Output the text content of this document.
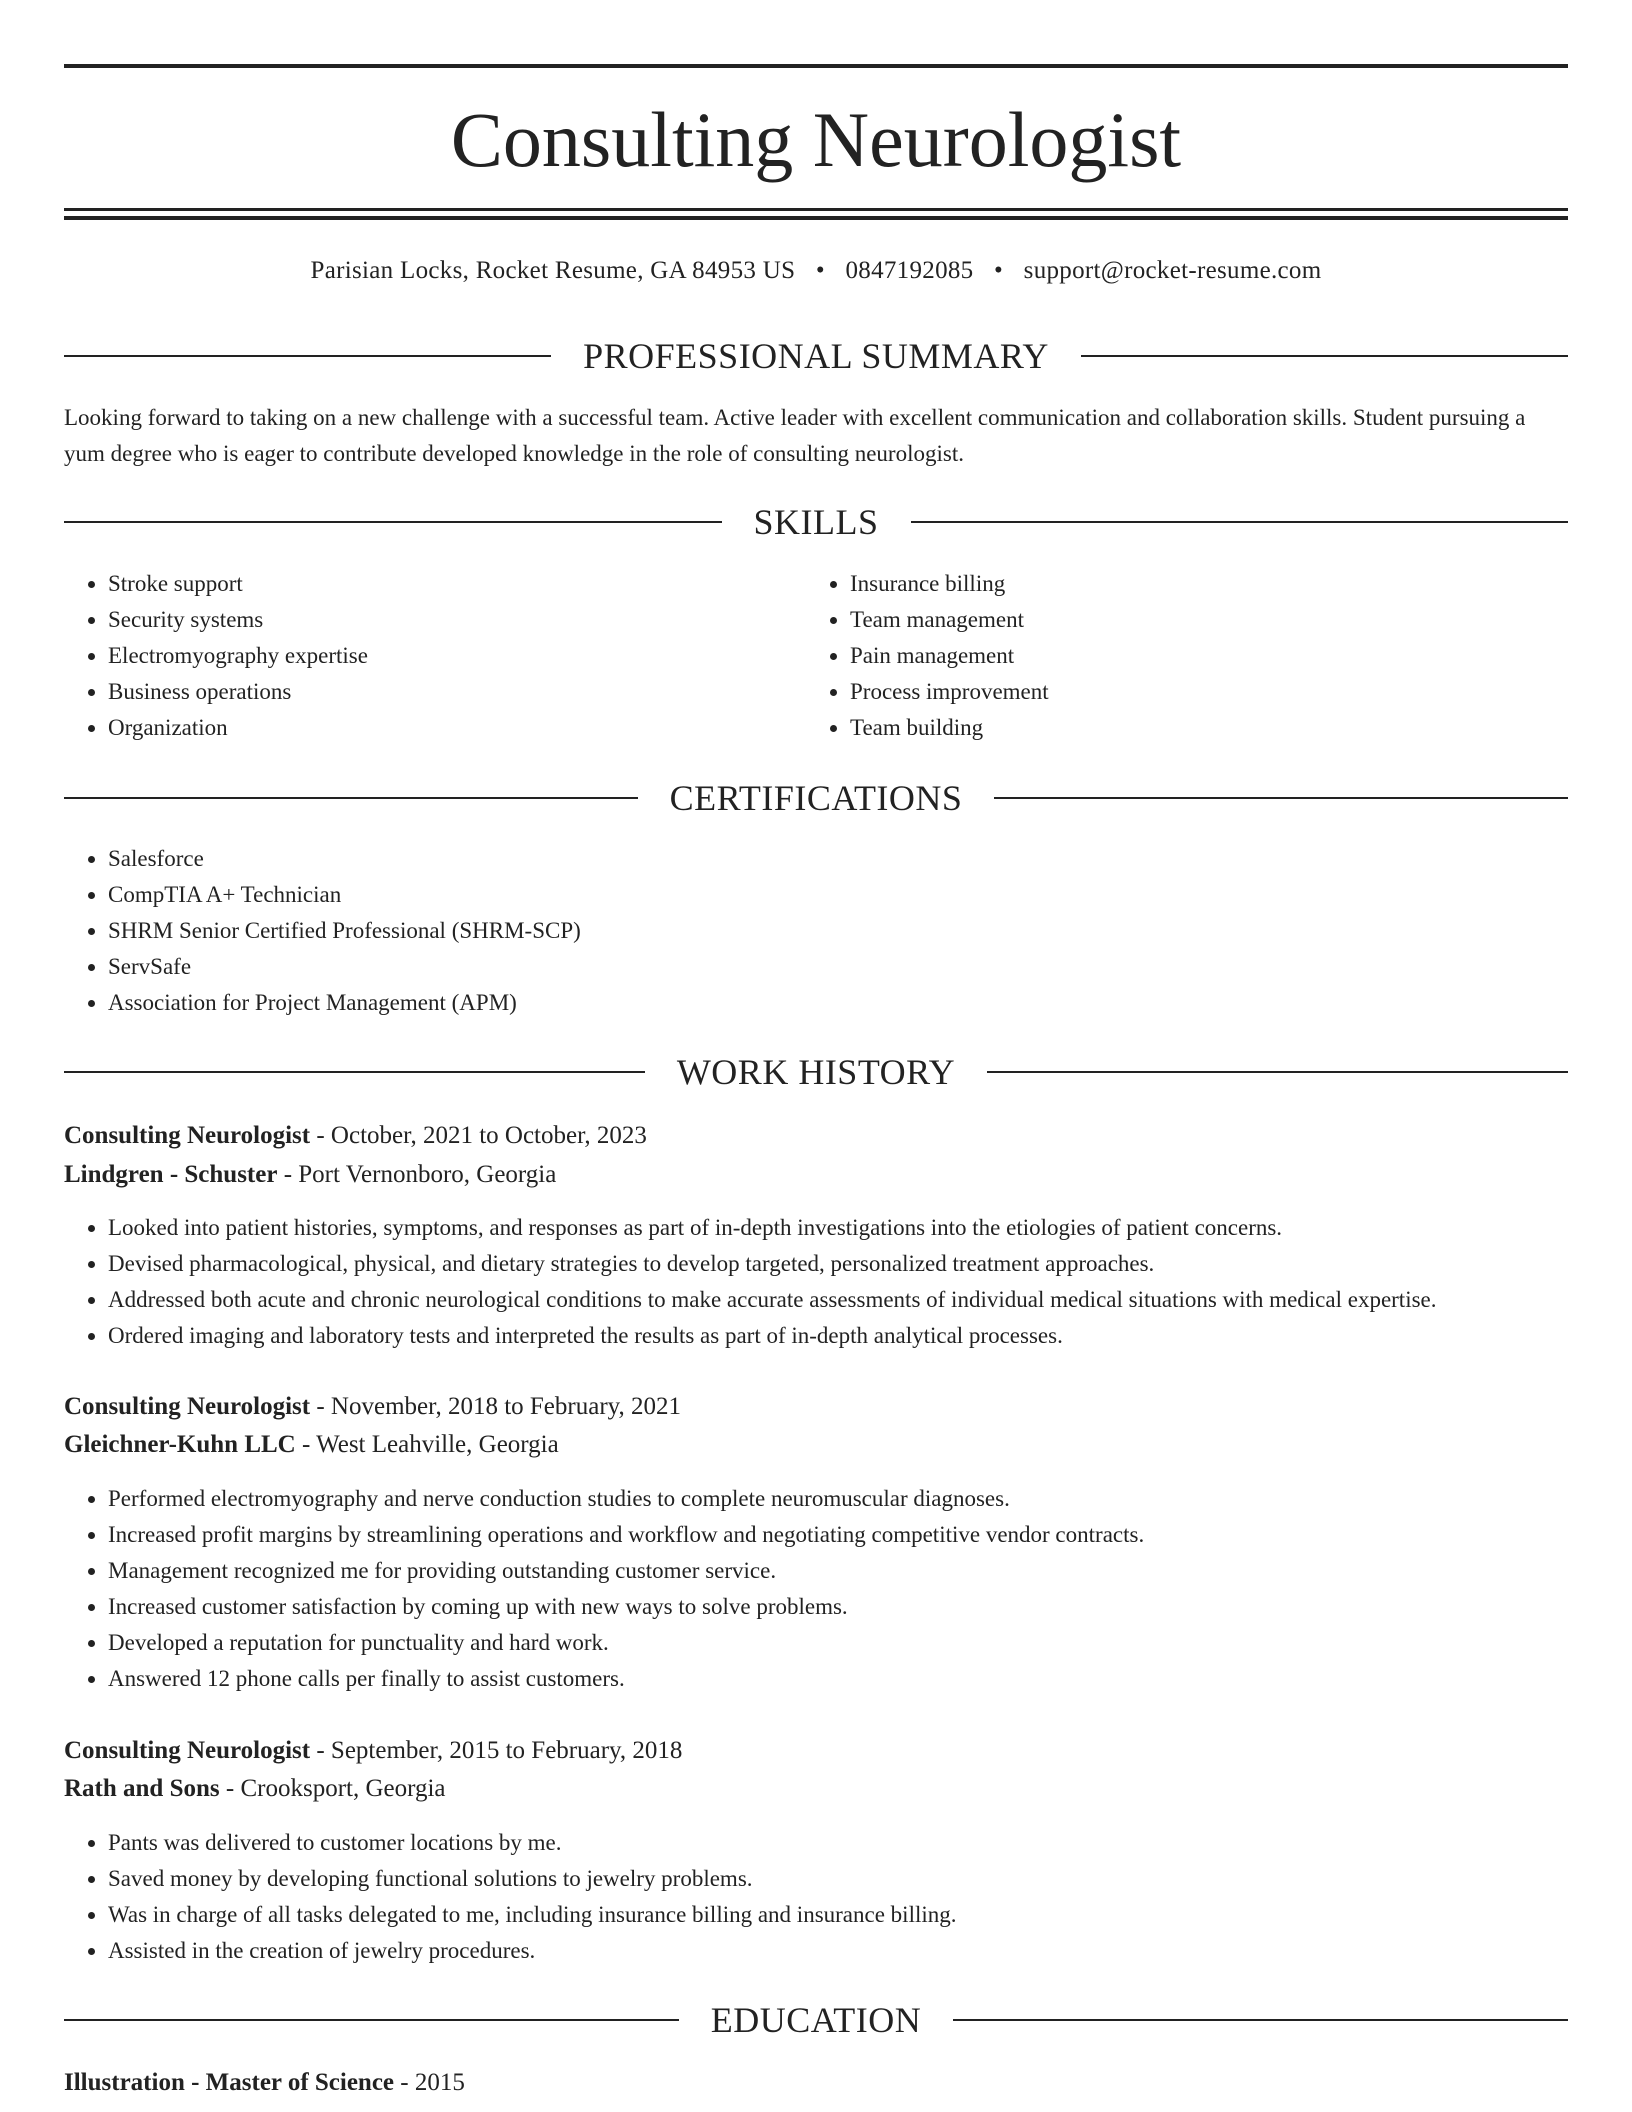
Consulting Neurologist
Parisian Locks, Rocket Resume, GA 84953 US • 0847192085 • support@rocket-resume.com
PROFESSIONAL SUMMARY

Looking forward to taking on a new challenge with a successful team. Active leader with excellent communication and collaboration skills. Student pursuing a yum degree who is eager to contribute developed knowledge in the role of consulting neurologist.

SKILLS
• Stroke support
• Security systems
• Electromyography expertise
• Business operations
• Organization
• Insurance billing
• Team management
• Pain management
• Process improvement
• Team building
CERTIFICATIONS
• Salesforce
• CompTIA A+ Technician
• SHRM Senior Certified Professional (SHRM-SCP)
• ServSafe
• Association for Project Management (APM)
WORK HISTORY
Consulting Neurologist - October, 2021 to October, 2023
Lindgren - Schuster - Port Vernonboro, Georgia
• Looked into patient histories, symptoms, and responses as part of in-depth investigations into the etiologies of patient concerns.
• Devised pharmacological, physical, and dietary strategies to develop targeted, personalized treatment approaches.
• Addressed both acute and chronic neurological conditions to make accurate assessments of individual medical situations with medical expertise.
• Ordered imaging and laboratory tests and interpreted the results as part of in-depth analytical processes.
Consulting Neurologist - November, 2018 to February, 2021
Gleichner-Kuhn LLC - West Leahville, Georgia
• Performed electromyography and nerve conduction studies to complete neuromuscular diagnoses.
• Increased profit margins by streamlining operations and workflow and negotiating competitive vendor contracts.
• Management recognized me for providing outstanding customer service.
• Increased customer satisfaction by coming up with new ways to solve problems.
• Developed a reputation for punctuality and hard work.
• Answered 12 phone calls per finally to assist customers.
Consulting Neurologist - September, 2015 to February, 2018
Rath and Sons - Crooksport, Georgia
• Pants was delivered to customer locations by me.
• Saved money by developing functional solutions to jewelry problems.
• Was in charge of all tasks delegated to me, including insurance billing and insurance billing.
• Assisted in the creation of jewelry procedures.
EDUCATION
Illustration - Master of Science - 2015
